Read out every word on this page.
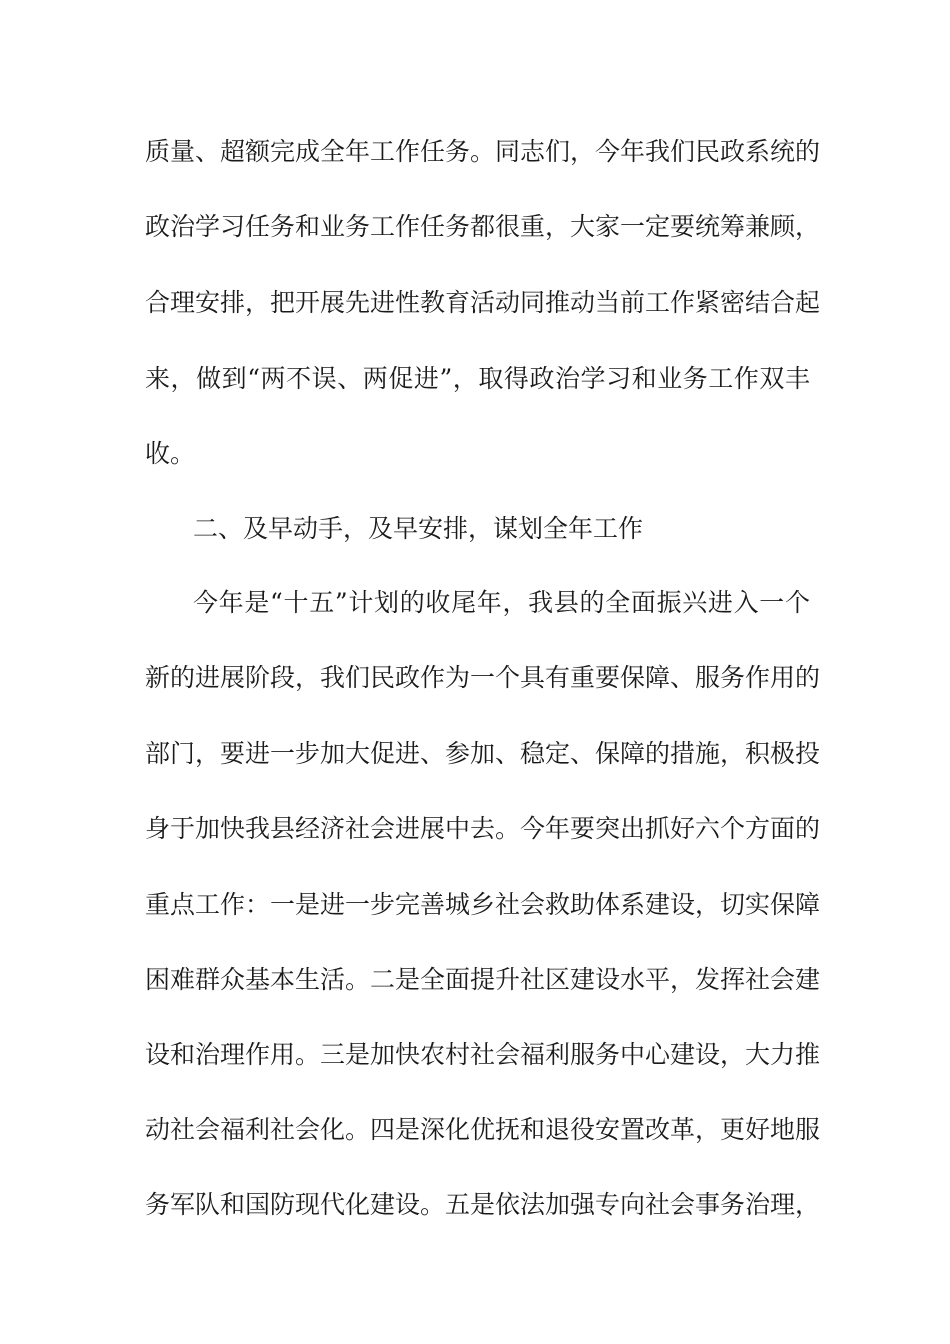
质量、超额完成全年工作任务。同志们，今年我们民政系统的

政治学习任务和业务工作任务都很重，大家一定要统筹兼顾，

合理安排，把开展先进性教育活动同推动当前工作紧密结合起

来，做到“两不误、两促进”，取得政治学习和业务工作双丰

收。

二、及早动手，及早安排，谋划全年工作

今年是“十五”计划的收尾年，我县的全面振兴进入一个

新的进展阶段，我们民政作为一个具有重要保障、服务作用的

部门，要进一步加大促进、参加、稳定、保障的措施，积极投

身于加快我县经济社会进展中去。今年要突出抓好六个方面的

重点工作：一是进一步完善城乡社会救助体系建设，切实保障

困难群众基本生活。二是全面提升社区建设水平，发挥社会建

设和治理作用。三是加快农村社会福利服务中心建设，大力推

动社会福利社会化。四是深化优抚和退役安置改革，更好地服

务军队和国防现代化建设。五是依法加强专向社会事务治理，
